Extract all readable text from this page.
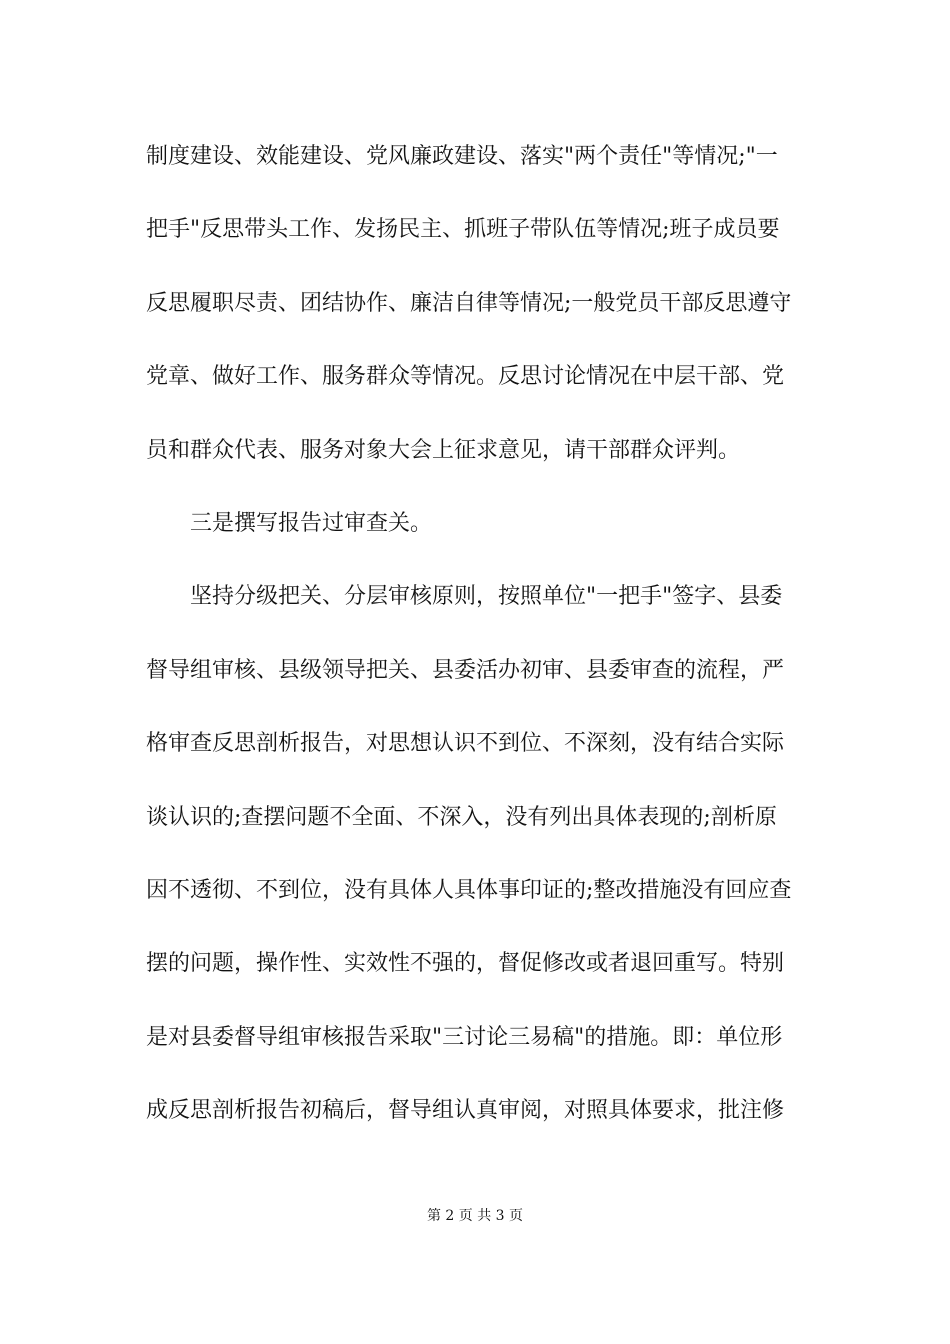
制度建设、效能建设、党风廉政建设、落实"两个责任"等情况;"一
把手"反思带头工作、发扬民主、抓班子带队伍等情况;班子成员要
反思履职尽责、团结协作、廉洁自律等情况;一般党员干部反思遵守
党章、做好工作、服务群众等情况。反思讨论情况在中层干部、党
员和群众代表、服务对象大会上征求意见，请干部群众评判。
三是撰写报告过审查关。
坚持分级把关、分层审核原则，按照单位"一把手"签字、县委
督导组审核、县级领导把关、县委活办初审、县委审查的流程，严
格审查反思剖析报告，对思想认识不到位、不深刻，没有结合实际
谈认识的;查摆问题不全面、不深入，没有列出具体表现的;剖析原
因不透彻、不到位，没有具体人具体事印证的;整改措施没有回应查
摆的问题，操作性、实效性不强的，督促修改或者退回重写。特别
是对县委督导组审核报告采取"三讨论三易稿"的措施。即：单位形
成反思剖析报告初稿后，督导组认真审阅，对照具体要求，批注修
第 2 页 共 3 页
